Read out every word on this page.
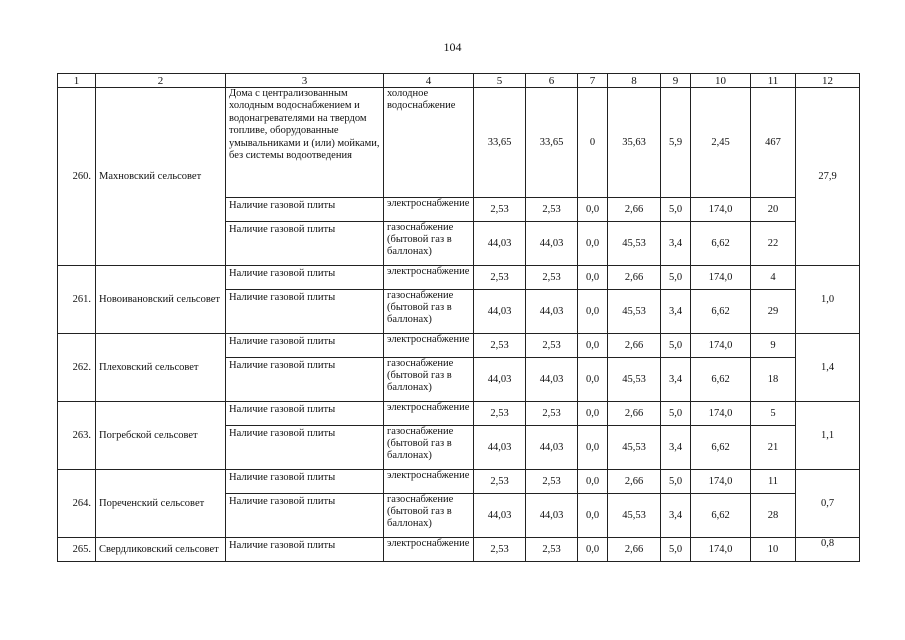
104
1	2	3	4	5	6	7	8	9	10	11	12
260.	Махновский сельсовет	Дома с централизованным холодным водоснабжением и водонагревателями на твердом топливе, оборудованные умывальниками и (или) мойками, без системы водоотведения	холодное водоснабжение	33,65	33,65	0	35,63	5,9	2,45	467	27,9
		Наличие газовой плиты	электроснабжение	2,53	2,53	0,0	2,66	5,0	174,0	20	
		Наличие газовой плиты	газоснабжение (бытовой газ в баллонах)	44,03	44,03	0,0	45,53	3,4	6,62	22	
261.	Новоивановский сельсовет	Наличие газовой плиты	электроснабжение	2,53	2,53	0,0	2,66	5,0	174,0	4	1,0
		Наличие газовой плиты	газоснабжение (бытовой газ в баллонах)	44,03	44,03	0,0	45,53	3,4	6,62	29	
262.	Плеховский сельсовет	Наличие газовой плиты	электроснабжение	2,53	2,53	0,0	2,66	5,0	174,0	9	1,4
		Наличие газовой плиты	газоснабжение (бытовой газ в баллонах)	44,03	44,03	0,0	45,53	3,4	6,62	18	
263.	Погребской сельсовет	Наличие газовой плиты	электроснабжение	2,53	2,53	0,0	2,66	5,0	174,0	5	1,1
		Наличие газовой плиты	газоснабжение (бытовой газ в баллонах)	44,03	44,03	0,0	45,53	3,4	6,62	21	
264.	Пореченский сельсовет	Наличие газовой плиты	электроснабжение	2,53	2,53	0,0	2,66	5,0	174,0	11	0,7
		Наличие газовой плиты	газоснабжение (бытовой газ в баллонах)	44,03	44,03	0,0	45,53	3,4	6,62	28	
265.	Свердликовский сельсовет	Наличие газовой плиты	электроснабжение	2,53	2,53	0,0	2,66	5,0	174,0	10	0,8
